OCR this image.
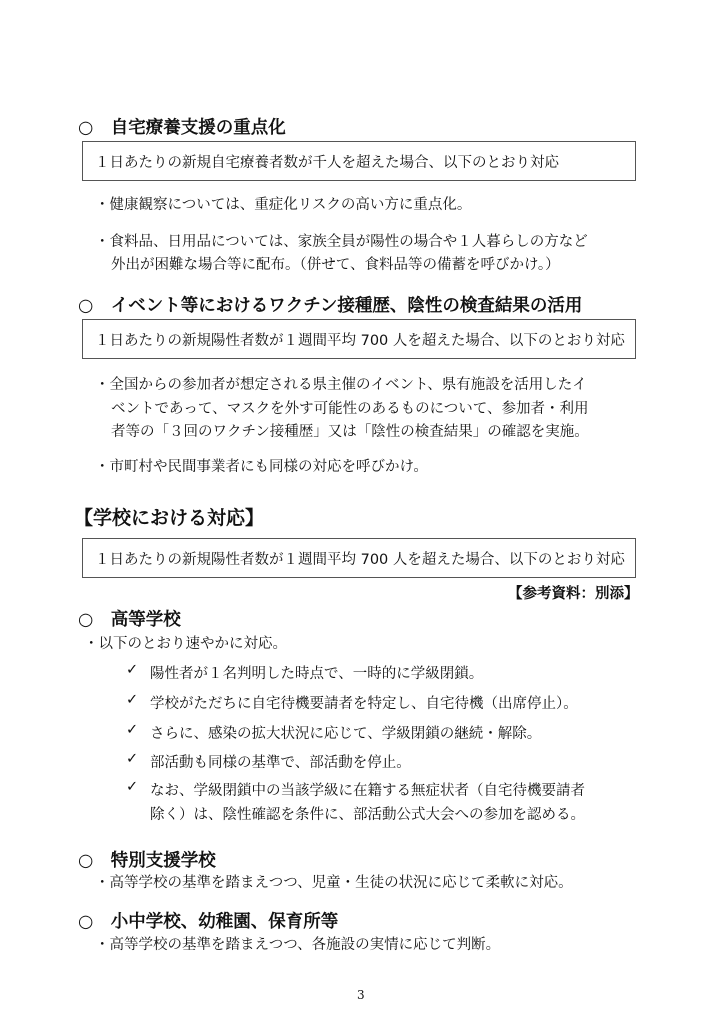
○　自宅療養支援の重点化
１日あたりの新規自宅療養者数が千人を超えた場合、以下のとおり対応
・健康観察については、重症化リスクの高い方に重点化。
・食料品、日用品については、家族全員が陽性の場合や１人暮らしの方など
外出が困難な場合等に配布。（併せて、食料品等の備蓄を呼びかけ。）
○　イベント等におけるワクチン接種歴、陰性の検査結果の活用
１日あたりの新規陽性者数が１週間平均 700 人を超えた場合、以下のとおり対応
・全国からの参加者が想定される県主催のイベント、県有施設を活用したイ
ベントであって、マスクを外す可能性のあるものについて、参加者・利用
者等の「３回のワクチン接種歴」又は「陰性の検査結果」の確認を実施。
・市町村や民間事業者にも同様の対応を呼びかけ。
【学校における対応】
１日あたりの新規陽性者数が１週間平均 700 人を超えた場合、以下のとおり対応
【参考資料：別添】
○　高等学校
・以下のとおり速やかに対応。
✓ 陽性者が１名判明した時点で、一時的に学級閉鎖。
✓ 学校がただちに自宅待機要請者を特定し、自宅待機（出席停止）。
✓ さらに、感染の拡大状況に応じて、学級閉鎖の継続・解除。
✓ 部活動も同様の基準で、部活動を停止。
✓ なお、学級閉鎖中の当該学級に在籍する無症状者（自宅待機要請者
除く）は、陰性確認を条件に、部活動公式大会への参加を認める。
○　特別支援学校
・高等学校の基準を踏まえつつ、児童・生徒の状況に応じて柔軟に対応。
○　小中学校、幼稚園、保育所等
・高等学校の基準を踏まえつつ、各施設の実情に応じて判断。
3
